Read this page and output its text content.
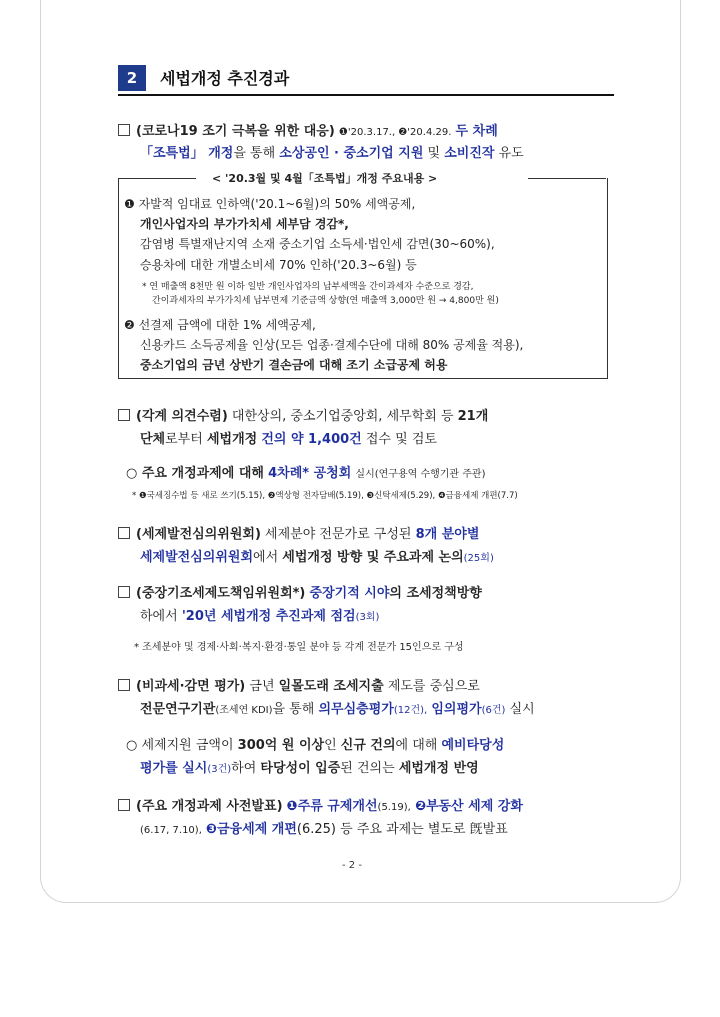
2	세법개정 추진경과
(코로나19 조기 극복을 위한 대응) ❶'20.3.17., ❷'20.4.29. 두 차례
「조특법」 개정을 통해 소상공인 · 중소기업 지원 및 소비진작 유도
< '20.3월 및 4월「조특법」개정 주요내용 >
❶ 자발적 임대료 인하액('20.1~6월)의 50% 세액공제,
개인사업자의 부가가치세 세부담 경감*,
감염병 특별재난지역 소재 중소기업 소득세·법인세 감면(30~60%),
승용차에 대한 개별소비세 70% 인하('20.3~6월) 등
* 연 매출액 8천만 원 이하 일반 개인사업자의 납부세액을 간이과세자 수준으로 경감,
간이과세자의 부가가치세 납부면제 기준금액 상향(연 매출액 3,000만 원 → 4,800만 원)
❷ 선결제 금액에 대한 1% 세액공제,
신용카드 소득공제율 인상(모든 업종·결제수단에 대해 80% 공제율 적용),
중소기업의 금년 상반기 결손금에 대해 조기 소급공제 허용
(각계 의견수렴) 대한상의, 중소기업중앙회, 세무학회 등 21개
단체로부터 세법개정 건의 약 1,400건 접수 및 검토
○ 주요 개정과제에 대해 4차례* 공청회 실시(연구용역 수행기관 주관)
* ❶국세징수법 등 새로 쓰기(5.15), ❷액상형 전자담배(5.19), ❸신탁세제(5.29), ❹금융세제 개편(7.7)
(세제발전심의위원회) 세제분야 전문가로 구성된 8개 분야별
세제발전심의위원회에서 세법개정 방향 및 주요과제 논의(25회)
(중장기조세제도책임위원회*) 중장기적 시야의 조세정책방향
하에서 '20년 세법개정 추진과제 점검(3회)
* 조세분야 및 경제·사회·복지·환경·통일 분야 등 각계 전문가 15인으로 구성
(비과세·감면 평가) 금년 일몰도래 조세지출 제도를 중심으로
전문연구기관(조세연 KDI)을 통해 의무심층평가(12건), 임의평가(6건) 실시
○ 세제지원 금액이 300억 원 이상인 신규 건의에 대해 예비타당성
평가를 실시(3건)하여 타당성이 입증된 건의는 세법개정 반영
(주요 개정과제 사전발표) ❶주류 규제개선(5.19), ❷부동산 세제 강화
(6.17, 7.10), ❸금융세제 개편(6.25) 등 주요 과제는 별도로 旣발표
- 2 -
